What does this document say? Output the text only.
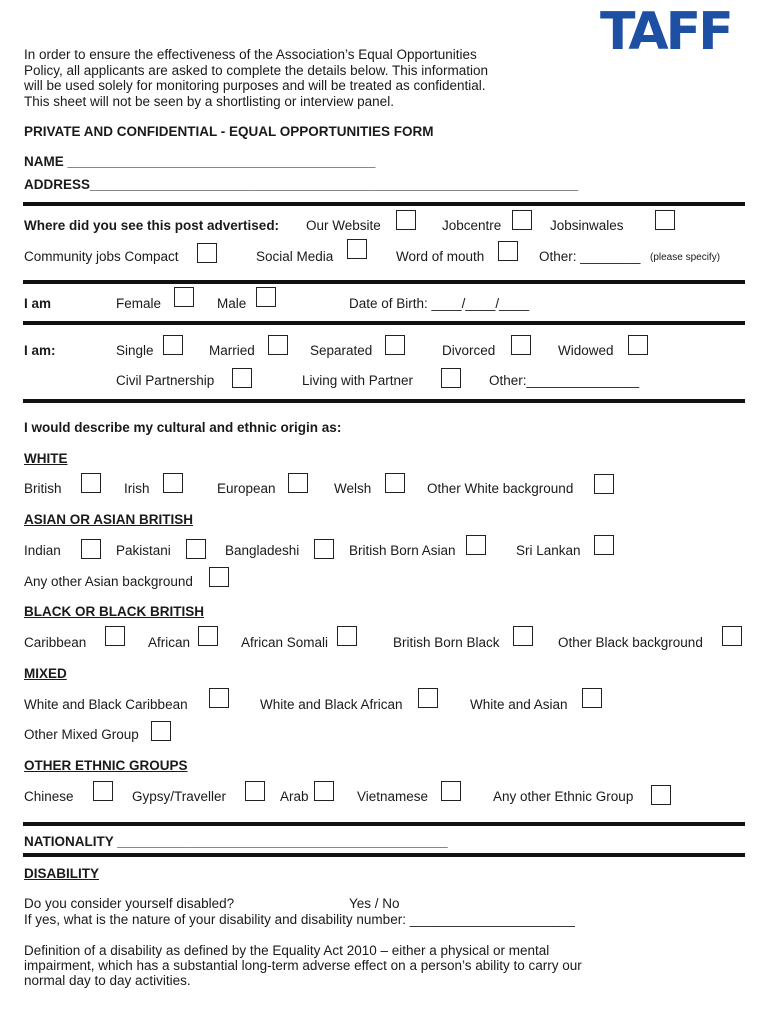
TAFF
In order to ensure the effectiveness of the Association’s Equal Opportunities
Policy, all applicants are asked to complete the details below. This information
will be used solely for monitoring purposes and will be treated as confidential.
This sheet will not be seen by a shortlisting or interview panel.
PRIVATE AND CONFIDENTIAL - EQUAL OPPORTUNITIES FORM
NAME _________________________________________
ADDRESS_________________________________________________________________
Where did you see this post advertised: Our Website	Jobcentre	Jobsinwales
Community jobs Compact	Social Media	Word of mouth	Other: ________ (please specify)
I am	Female	Male	Date of Birth: ____/____/____
I am:	Single	Married	Separated	Divorced	Widowed
Civil Partnership	Living with Partner	Other:_______________
I would describe my cultural and ethnic origin as:
WHITE
British	Irish	European	Welsh	Other White background
ASIAN OR ASIAN BRITISH
Indian	Pakistani	Bangladeshi	British Born Asian	Sri Lankan
Any other Asian background
BLACK OR BLACK BRITISH
Caribbean	African	African Somali	British Born Black	Other Black background
MIXED
White and Black Caribbean	White and Black African	White and Asian
Other Mixed Group
OTHER ETHNIC GROUPS
Chinese	Gypsy/Traveller	Arab	Vietnamese	Any other Ethnic Group
NATIONALITY ____________________________________________
DISABILITY
Do you consider yourself disabled?	Yes / No
If yes, what is the nature of your disability and disability number: ______________________
Definition of a disability as defined by the Equality Act 2010 – either a physical or mental
impairment, which has a substantial long-term adverse effect on a person’s ability to carry our
normal day to day activities.
